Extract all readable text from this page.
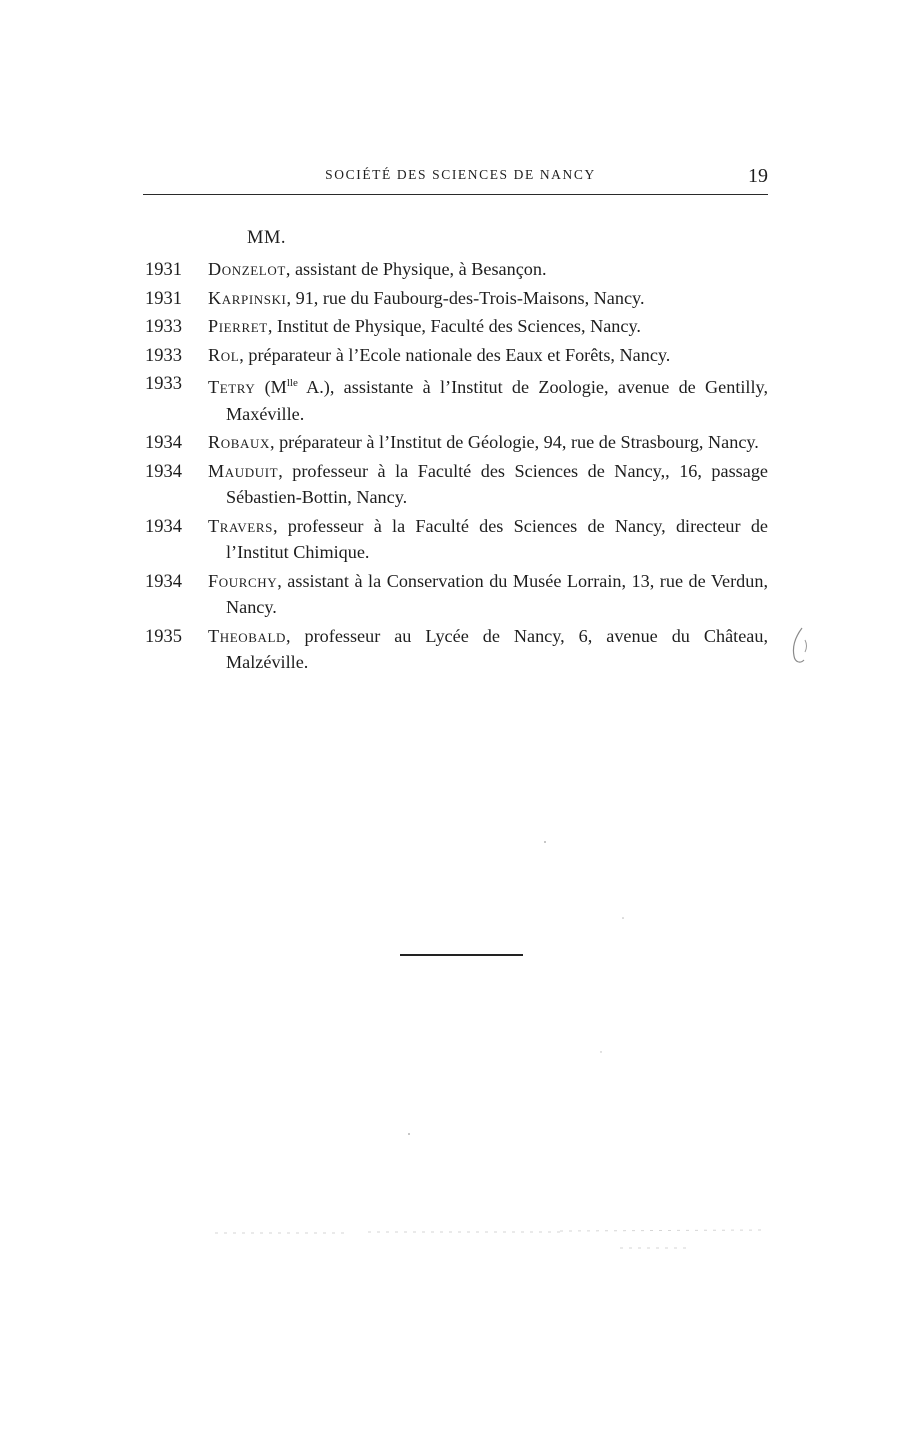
SOCIÉTÉ DES SCIENCES DE NANCY	19
MM.
1931 Donzelot, assistant de Physique, à Besançon.
1931 Karpinski, 91, rue du Faubourg-des-Trois-Maisons, Nancy.
1933 Pierret, Institut de Physique, Faculté des Sciences, Nancy.
1933 Rol, préparateur à l’Ecole nationale des Eaux et Forêts, Nancy.
1933 Tetry ($M^{lle}$ A.), assistante à l’Institut de Zoologie, avenue de Gentilly, Maxéville.
1934 Robaux, préparateur à l’Institut de Géologie, 94, rue de Strasbourg, Nancy.
1934 Mauduit, professeur à la Faculté des Sciences de Nancy,, 16, passage Sébastien-Bottin, Nancy.
1934 Travers, professeur à la Faculté des Sciences de Nancy, directeur de l’Institut Chimique.
1934 Fourchy, assistant à la Conservation du Musée Lorrain, 13, rue de Verdun, Nancy.
1935 Theobald, professeur au Lycée de Nancy, 6, avenue du Château, Malzéville.
